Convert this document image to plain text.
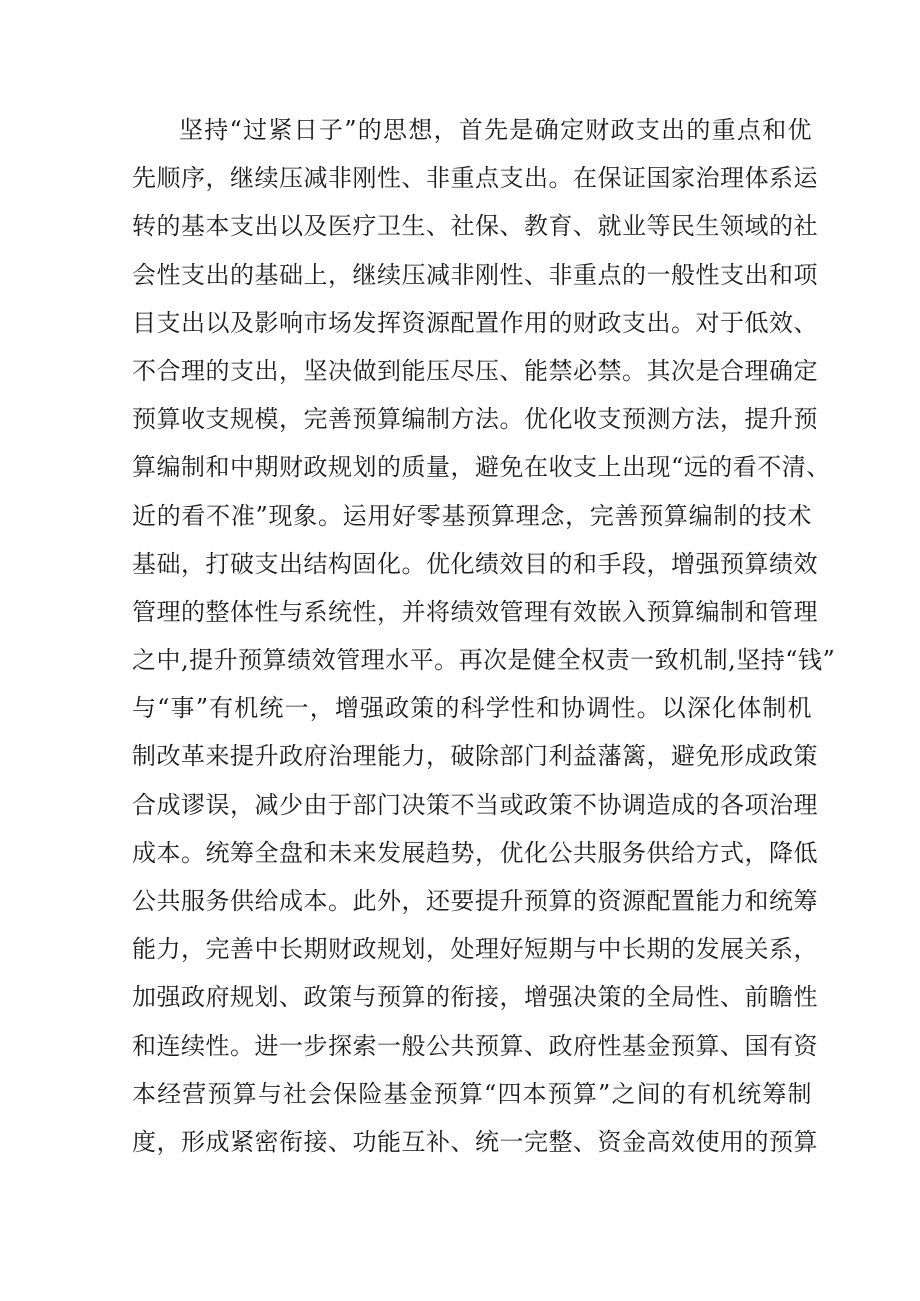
坚持“过紧日子”的思想，首先是确定财政支出的重点和优
先顺序，继续压减非刚性、非重点支出。在保证国家治理体系运
转的基本支出以及医疗卫生、社保、教育、就业等民生领域的社
会性支出的基础上，继续压减非刚性、非重点的一般性支出和项
目支出以及影响市场发挥资源配置作用的财政支出。对于低效、
不合理的支出，坚决做到能压尽压、能禁必禁。其次是合理确定
预算收支规模，完善预算编制方法。优化收支预测方法，提升预
算编制和中期财政规划的质量，避免在收支上出现“远的看不清、
近的看不准”现象。运用好零基预算理念，完善预算编制的技术
基础，打破支出结构固化。优化绩效目的和手段，增强预算绩效
管理的整体性与系统性，并将绩效管理有效嵌入预算编制和管理
之中,提升预算绩效管理水平。再次是健全权责一致机制,坚持“钱”
与“事”有机统一，增强政策的科学性和协调性。以深化体制机
制改革来提升政府治理能力，破除部门利益藩篱，避免形成政策
合成谬误，减少由于部门决策不当或政策不协调造成的各项治理
成本。统筹全盘和未来发展趋势，优化公共服务供给方式，降低
公共服务供给成本。此外，还要提升预算的资源配置能力和统筹
能力，完善中长期财政规划，处理好短期与中长期的发展关系，
加强政府规划、政策与预算的衔接，增强决策的全局性、前瞻性
和连续性。进一步探索一般公共预算、政府性基金预算、国有资
本经营预算与社会保险基金预算“四本预算”之间的有机统筹制
度，形成紧密衔接、功能互补、统一完整、资金高效使用的预算
